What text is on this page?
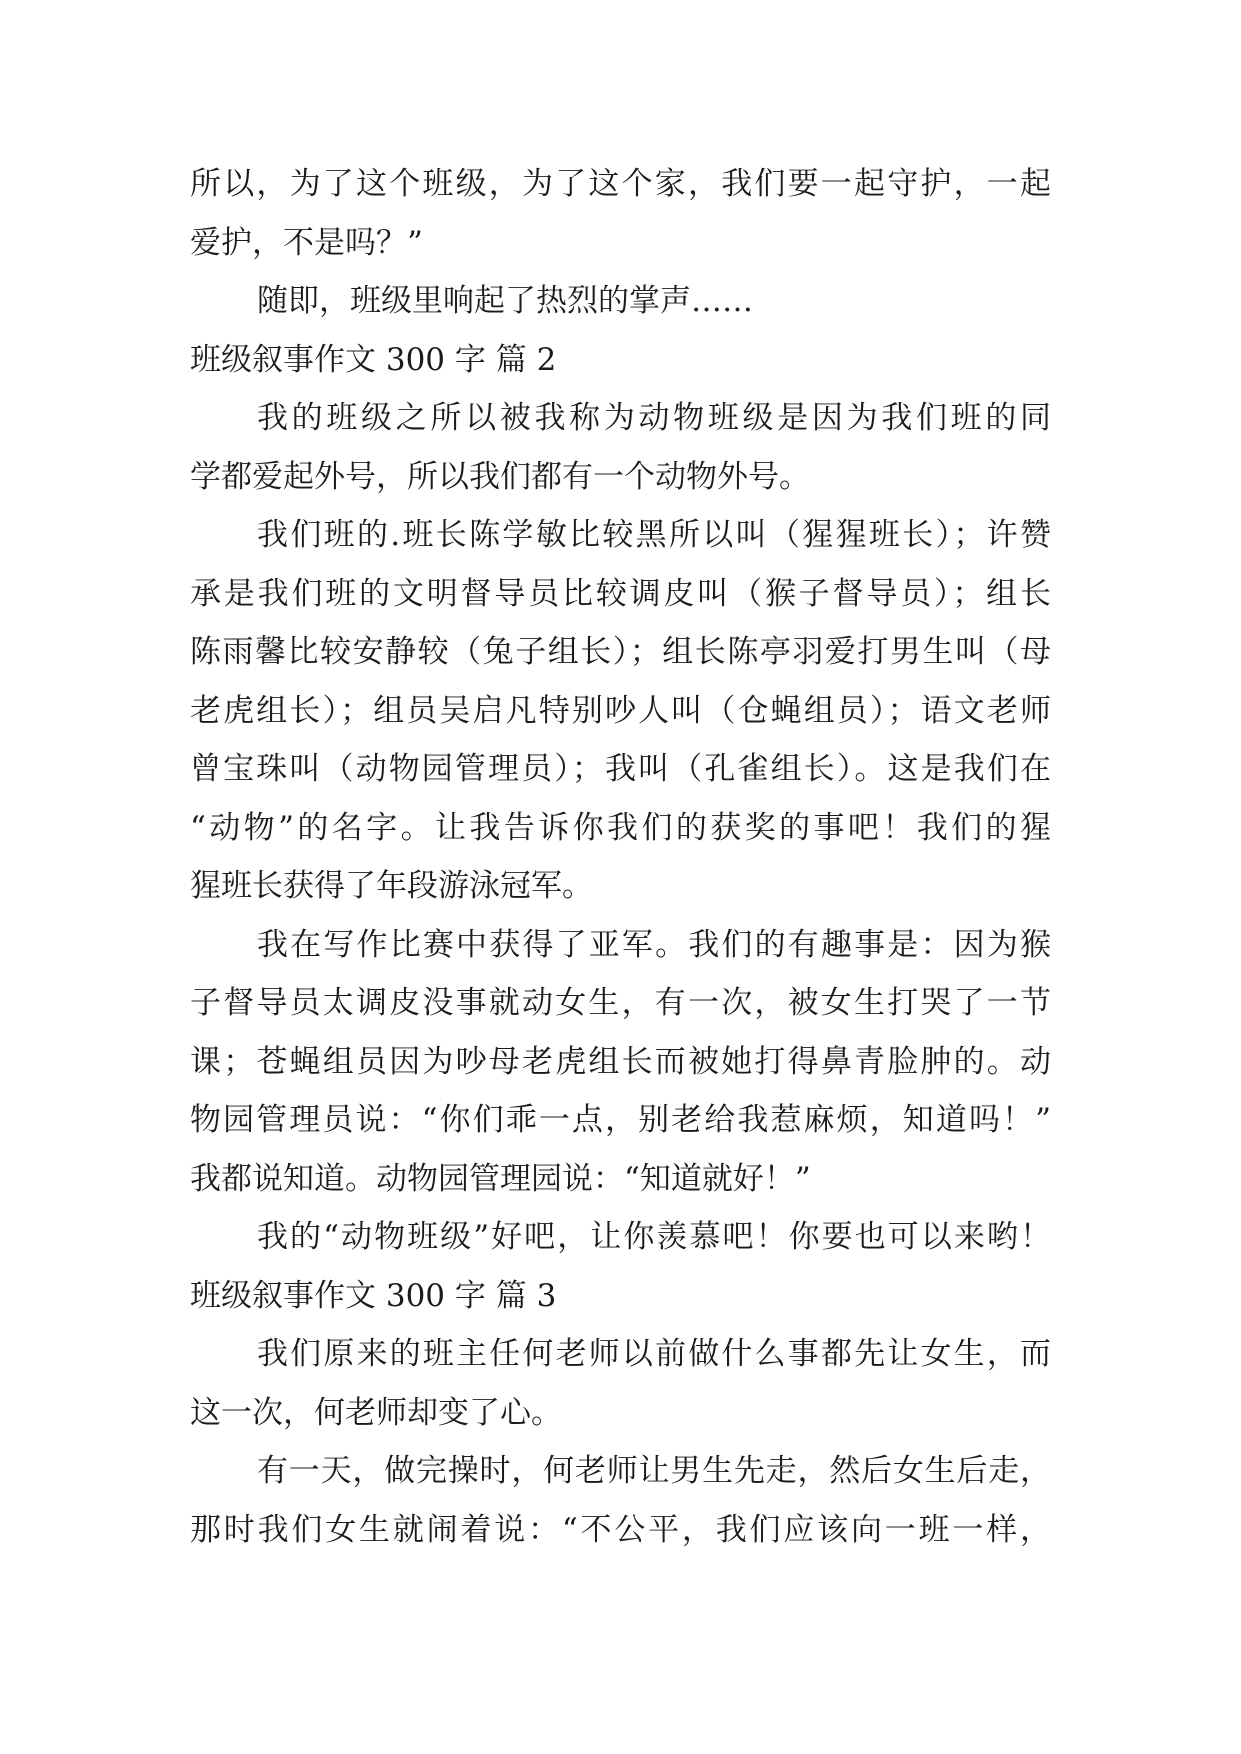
所以，为了这个班级，为了这个家，我们要一起守护，一起
爱护，不是吗？”
随即，班级里响起了热烈的掌声……
班级叙事作文 300 字 篇 2
我的班级之所以被我称为动物班级是因为我们班的同
学都爱起外号，所以我们都有一个动物外号。
我们班的.班长陈学敏比较黑所以叫（猩猩班长）；许赞
承是我们班的文明督导员比较调皮叫（猴子督导员）；组长
陈雨馨比较安静较（兔子组长）；组长陈亭羽爱打男生叫（母
老虎组长）；组员吴启凡特别吵人叫（仓蝇组员）；语文老师
曾宝珠叫（动物园管理员）；我叫（孔雀组长）。这是我们在
“动物”的名字。让我告诉你我们的获奖的事吧！我们的猩
猩班长获得了年段游泳冠军。
我在写作比赛中获得了亚军。我们的有趣事是：因为猴
子督导员太调皮没事就动女生，有一次，被女生打哭了一节
课；苍蝇组员因为吵母老虎组长而被她打得鼻青脸肿的。动
物园管理员说：“你们乖一点，别老给我惹麻烦，知道吗！”
我都说知道。动物园管理园说：“知道就好！”
我的“动物班级”好吧，让你羡慕吧！你要也可以来哟！
班级叙事作文 300 字 篇 3
我们原来的班主任何老师以前做什么事都先让女生，而
这一次，何老师却变了心。
有一天，做完操时，何老师让男生先走，然后女生后走，
那时我们女生就闹着说：“不公平，我们应该向一班一样，
